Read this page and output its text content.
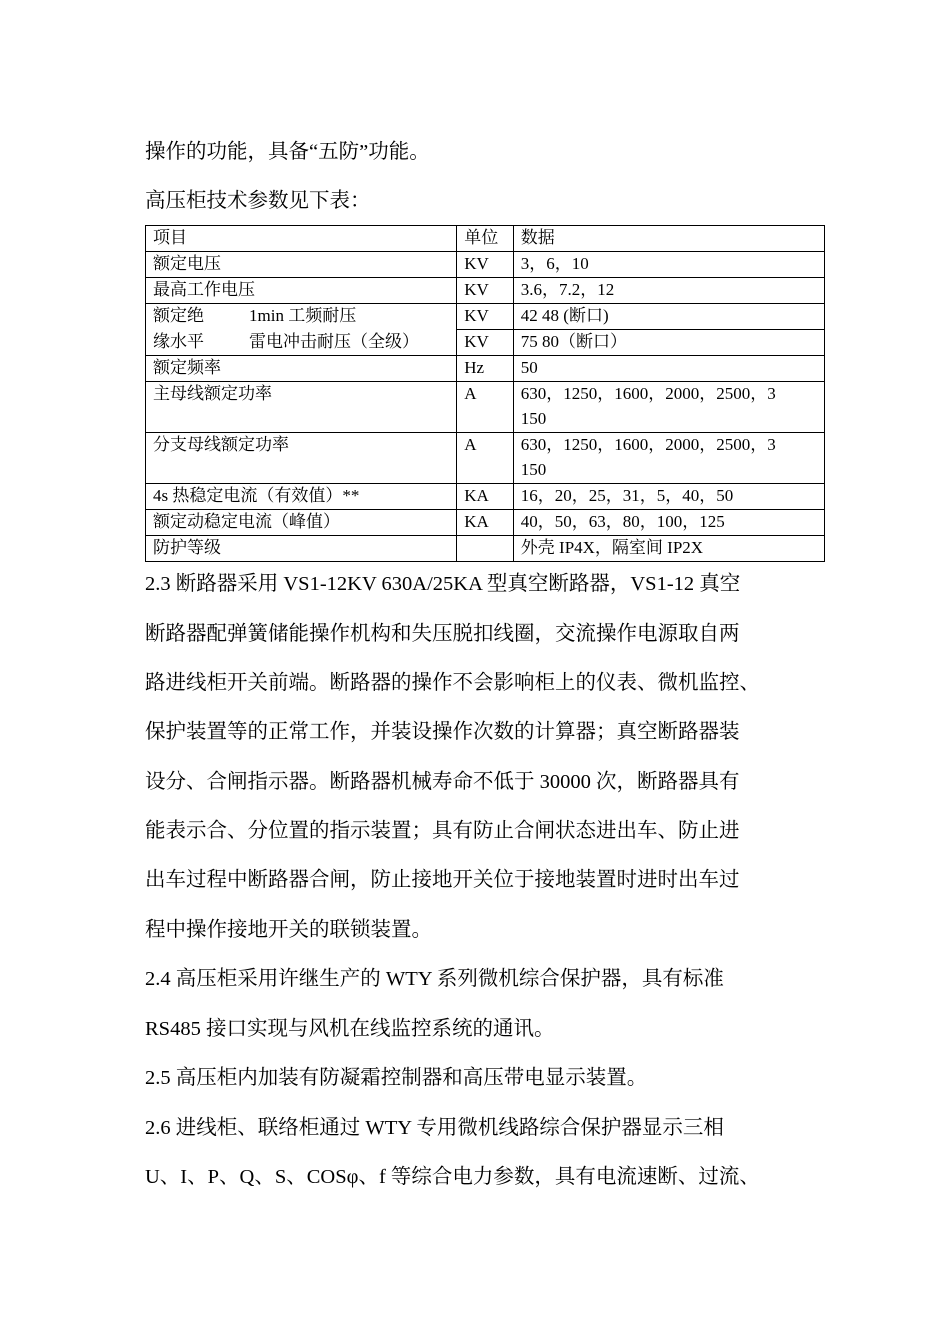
操作的功能，具备“五防”功能。
高压柜技术参数见下表：
项目	单位	数据
额定电压	KV	3，6，10
最高工作电压	KV	3.6，7.2，12

额定绝 1min 工频耐压	KV	42 48 (断口)

缘水平 雷电冲击耐压（全级）	KV	75 80（断口）
额定频率	Hz	50
主母线额定功率	A	630，1250，1600，2000，2500，3
150

分支母线额定功率	A	630，1250，1600，2000，2500，3
150

4s 热稳定电流（有效值）**	KA	16，20，25，31，5，40，50
额定动稳定电流（峰值）	KA	40，50，63，80，100，125
防护等级		外壳 IP4X，隔室间 IP2X
2.3 断路器采用 VS1-12KV 630A/25KA 型真空断路器，VS1-12 真空
断路器配弹簧储能操作机构和失压脱扣线圈，交流操作电源取自两
路进线柜开关前端。断路器的操作不会影响柜上的仪表、微机监控、
保护装置等的正常工作，并装设操作次数的计算器；真空断路器装
设分、合闸指示器。断路器机械寿命不低于 30000 次，断路器具有
能表示合、分位置的指示装置；具有防止合闸状态进出车、防止进
出车过程中断路器合闸，防止接地开关位于接地装置时进时出车过
程中操作接地开关的联锁装置。
2.4 高压柜采用许继生产的 WTY 系列微机综合保护器，具有标准
RS485 接口实现与风机在线监控系统的通讯。
2.5 高压柜内加装有防凝霜控制器和高压带电显示装置。
2.6 进线柜、联络柜通过 WTY 专用微机线路综合保护器显示三相
U、I、P、Q、S、COSφ、f 等综合电力参数，具有电流速断、过流、
